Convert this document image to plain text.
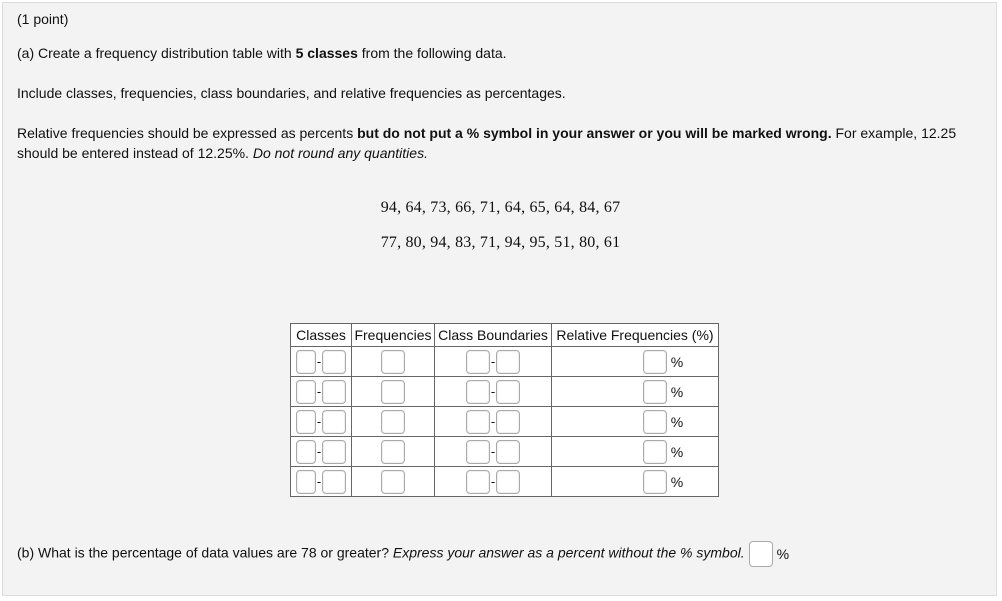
(1 point)
(a) Create a frequency distribution table with 5 classes from the following data.
Include classes, frequencies, class boundaries, and relative frequencies as percentages.
Relative frequencies should be expressed as percents but do not put a % symbol in your answer or you will be marked wrong. For example, 12.25 should be entered instead of 12.25%. Do not round any quantities.
94, 64, 73, 66, 71, 64, 65, 64, 84, 67
77, 80, 94, 83, 71, 94, 95, 51, 80, 61
Classes	Frequencies	Class Boundaries	Relative Frequencies (%)

-		-	%

-		-	%

-		-	%

-		-	%

-		-	%
(b) What is the percentage of data values are 78 or greater? Express your answer as a percent without the % symbol. %
